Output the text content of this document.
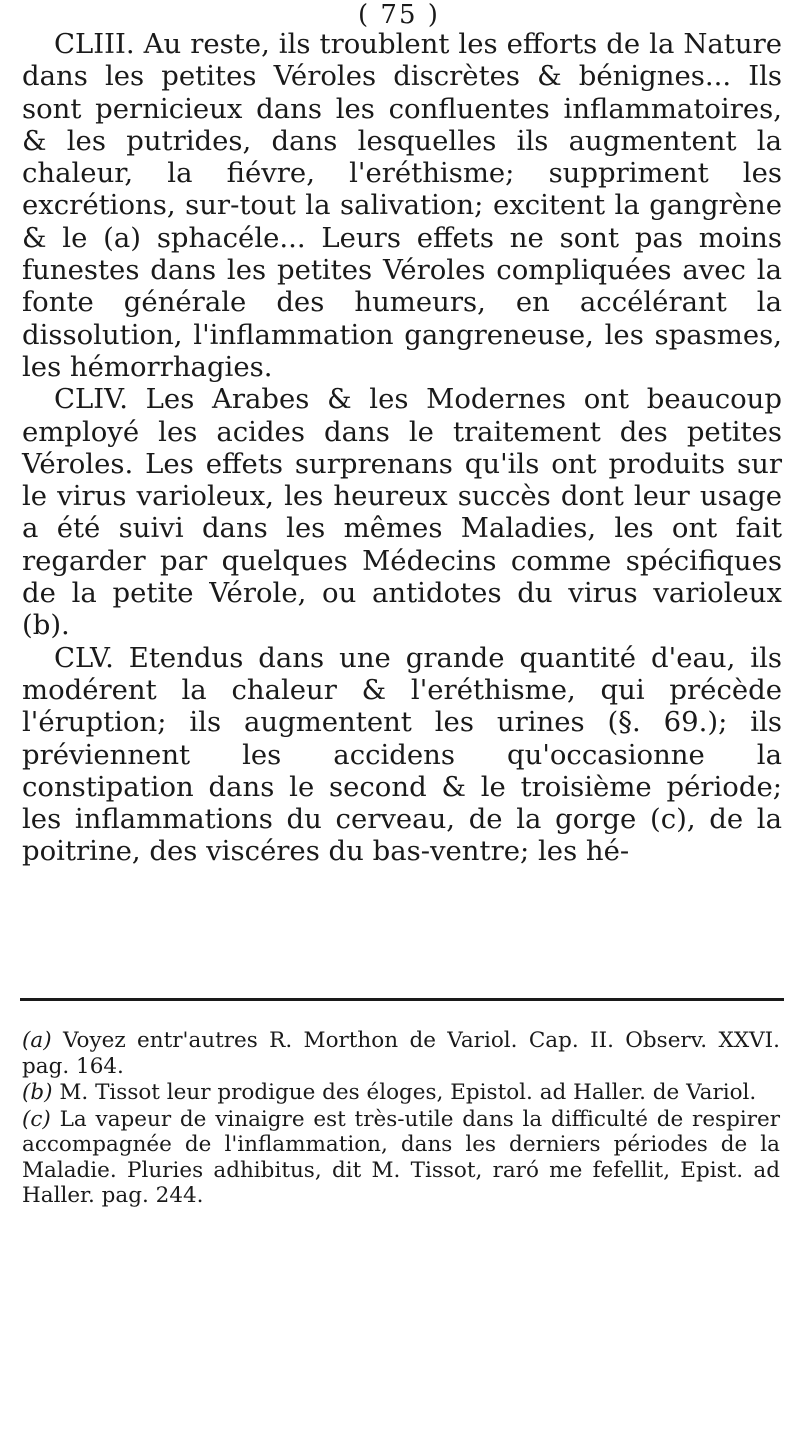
( 75 )

CLIII. Au reste, ils troublent les efforts de la Nature dans les petites Véroles discrètes & bénignes... Ils sont pernicieux dans les confluentes inflammatoires, & les putrides, dans lesquelles ils augmentent la chaleur, la fiévre, l'eréthisme; suppriment les excrétions, sur-tout la salivation; excitent la gangrène & le (a) sphacéle... Leurs effets ne sont pas moins funestes dans les petites Véroles compliquées avec la fonte générale des humeurs, en accélérant la dissolution, l'inflammation gangreneuse, les spasmes, les hémorrhagies.

CLIV. Les Arabes & les Modernes ont beaucoup employé les acides dans le traitement des petites Véroles. Les effets surprenans qu'ils ont produits sur le virus varioleux, les heureux succès dont leur usage a été suivi dans les mêmes Maladies, les ont fait regarder par quelques Médecins comme spécifiques de la petite Vérole, ou antidotes du virus varioleux (b).

CLV. Etendus dans une grande quantité d'eau, ils modérent la chaleur & l'eréthisme, qui précède l'éruption; ils augmentent les urines (§. 69.); ils préviennent les accidens qu'occasionne la constipation dans le second & le troisième période; les inflammations du cerveau, de la gorge (c), de la poitrine, des viscéres du bas-ventre; les hé-

(a) Voyez entr'autres R. Morthon de Variol. Cap. II. Observ. XXVI. pag. 164.

(b) M. Tissot leur prodigue des éloges, Epistol. ad Haller. de Variol.

(c) La vapeur de vinaigre est très-utile dans la difficulté de respirer accompagnée de l'inflammation, dans les derniers périodes de la Maladie. Pluries adhibitus, dit M. Tissot, raró me fefellit, Epist. ad Haller. pag. 244.
